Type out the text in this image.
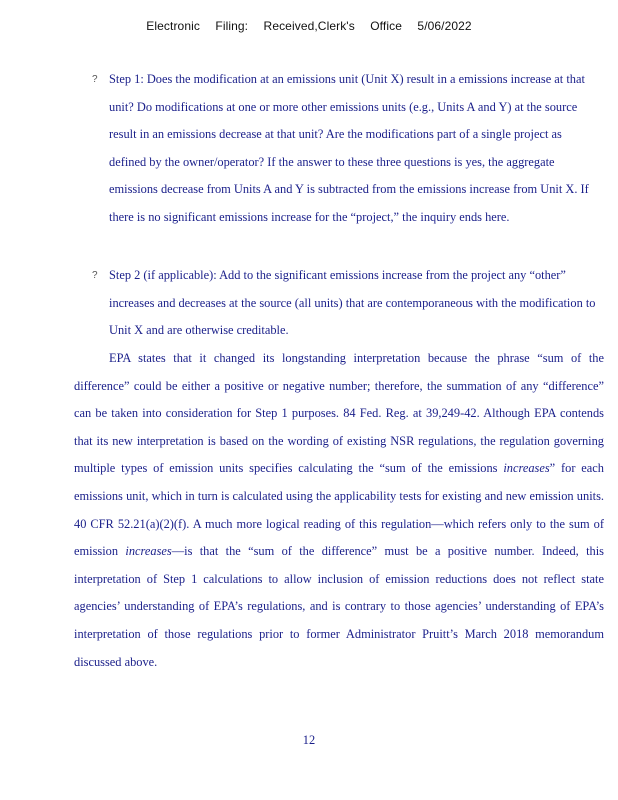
Electronic Filing: Received,Clerk's Office 5/06/2022
? Step 1: Does the modification at an emissions unit (Unit X) result in a emissions increase at that unit? Do modifications at one or more other emissions units (e.g., Units A and Y) at the source result in an emissions decrease at that unit? Are the modifications part of a single project as defined by the owner/operator? If the answer to these three questions is yes, the aggregate emissions decrease from Units A and Y is subtracted from the emissions increase from Unit X. If there is no significant emissions increase for the “project,” the inquiry ends here.
? Step 2 (if applicable): Add to the significant emissions increase from the project any “other” increases and decreases at the source (all units) that are contemporaneous with the modification to Unit X and are otherwise creditable.
EPA states that it changed its longstanding interpretation because the phrase “sum of the difference” could be either a positive or negative number; therefore, the summation of any “difference” can be taken into consideration for Step 1 purposes. 84 Fed. Reg. at 39,249-42. Although EPA contends that its new interpretation is based on the wording of existing NSR regulations, the regulation governing multiple types of emission units specifies calculating the “sum of the emissions increases” for each emissions unit, which in turn is calculated using the applicability tests for existing and new emission units. 40 CFR 52.21(a)(2)(f). A much more logical reading of this regulation—which refers only to the sum of emission increases—is that the “sum of the difference” must be a positive number. Indeed, this interpretation of Step 1 calculations to allow inclusion of emission reductions does not reflect state agencies’ understanding of EPA’s regulations, and is contrary to those agencies’ understanding of EPA’s interpretation of those regulations prior to former Administrator Pruitt’s March 2018 memorandum discussed above.
12
